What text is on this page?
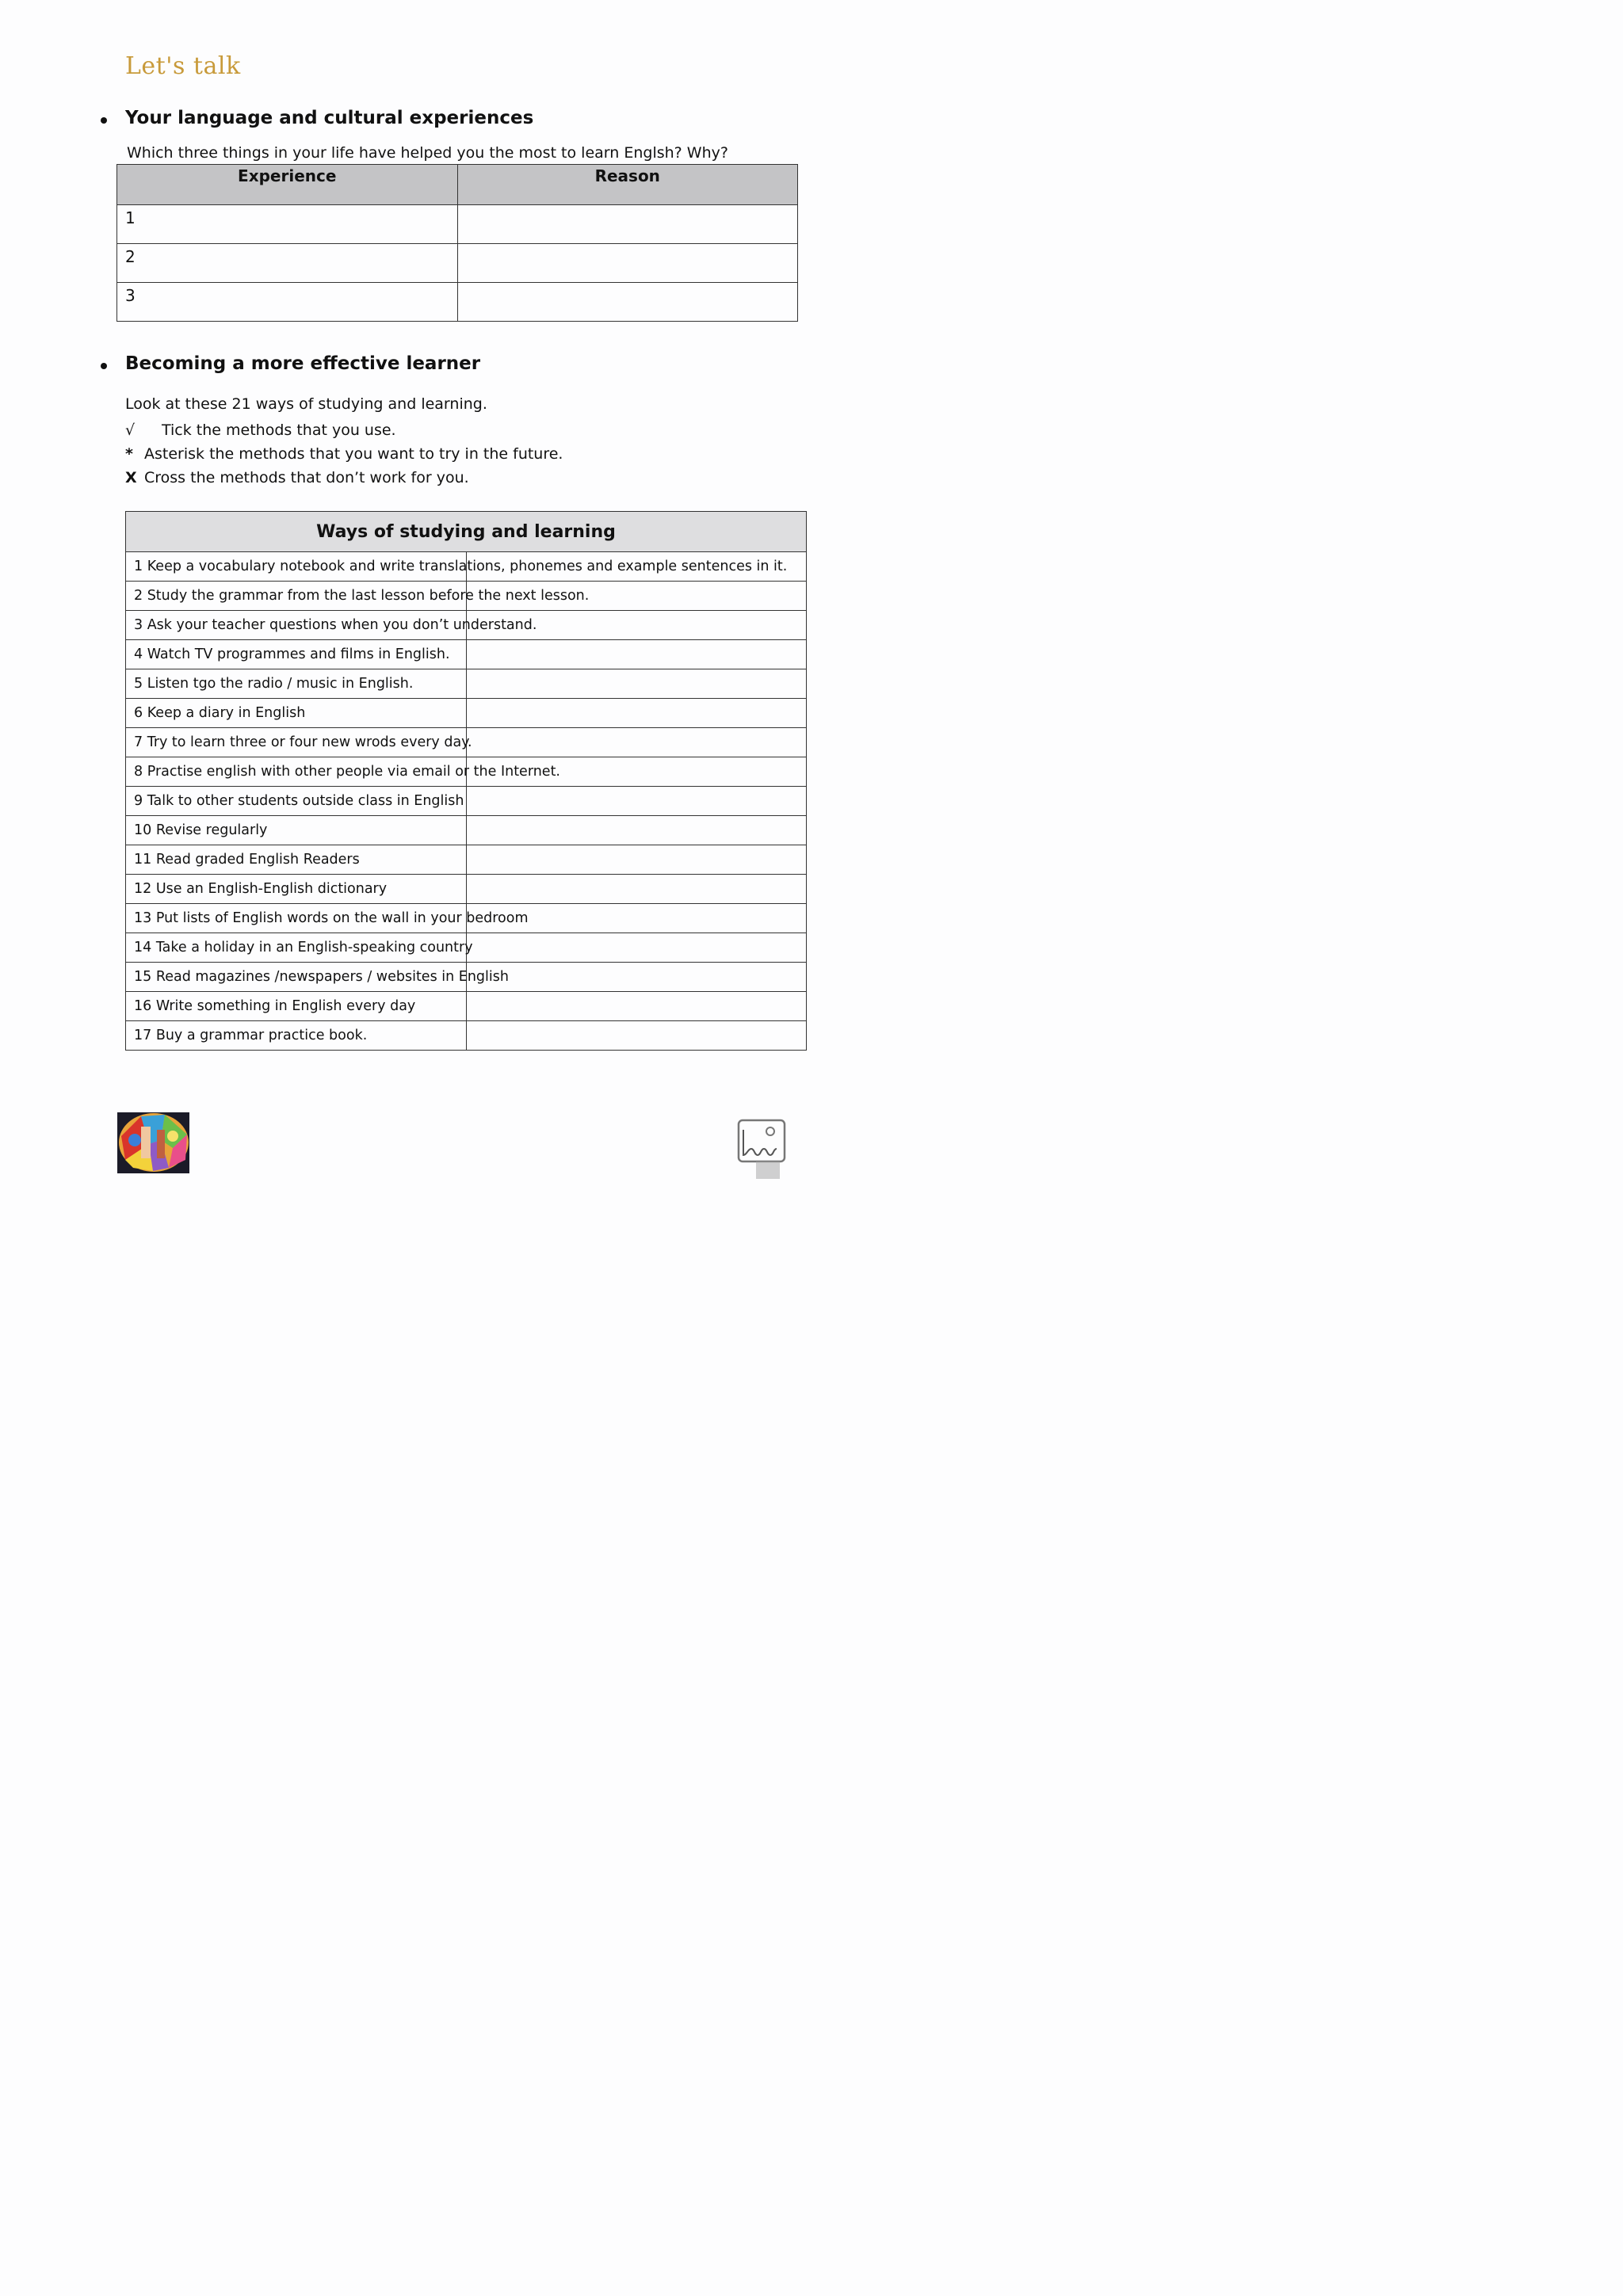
Let's talk
Your language and cultural experiences
Which three things in your life have helped you the most to learn Englsh? Why?
Experience	Reason
1	
2	
3	
Becoming a more effective learner
Look at these 21 ways of studying and learning.
√ Tick the methods that you use.
* Asterisk the methods that you want to try in the future.
X Cross the methods that don’t work for you.
Ways of studying and learning	
1 Keep a vocabulary notebook and write translations, phonemes and example sentences in it.	
2 Study the grammar from the last lesson before the next lesson.	
3 Ask your teacher questions when you don’t understand.	
4 Watch TV programmes and films in English.	
5 Listen tgo the radio / music in English.	
6 Keep a diary in English	
7 Try to learn three or four new wrods every day.	
8 Practise english with other people via email or the Internet.	
9 Talk to other students outside class in English	
10 Revise regularly	
11 Read graded English Readers	
12 Use an English-English dictionary	
13 Put lists of English words on the wall in your bedroom	
14 Take a holiday in an English-speaking country	
15 Read magazines /newspapers / websites in English	
16 Write something in English every day	
17 Buy a grammar practice book.	
